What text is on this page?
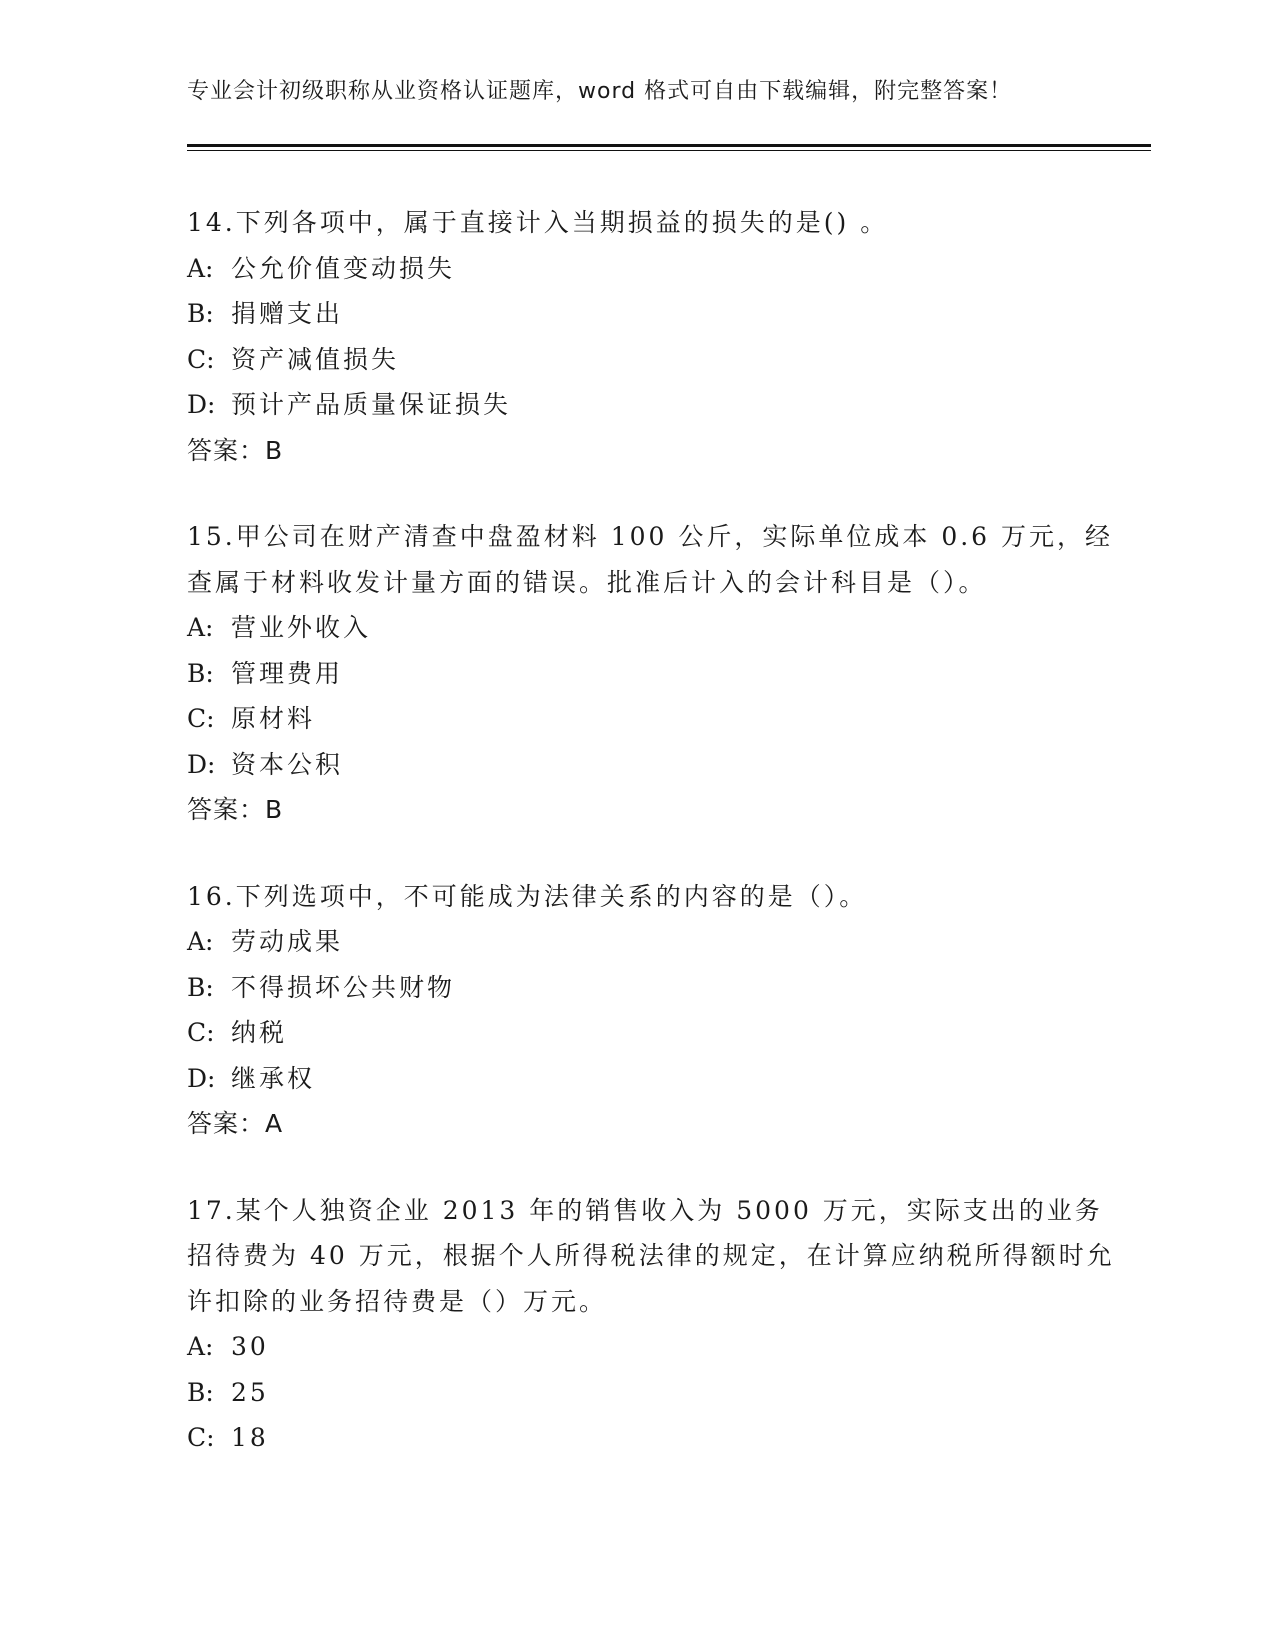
专业会计初级职称从业资格认证题库，word 格式可自由下载编辑，附完整答案！
14.下列各项中，属于直接计入当期损益的损失的是() 。
A: 公允价值变动损失
B: 捐赠支出
C: 资产减值损失
D: 预计产品质量保证损失
答案：B
15.甲公司在财产清查中盘盈材料 100 公斤，实际单位成本 0.6 万元，经查属于材料收发计量方面的错误。批准后计入的会计科目是（）。
A: 营业外收入
B: 管理费用
C: 原材料
D: 资本公积
答案：B
16.下列选项中，不可能成为法律关系的内容的是（）。
A: 劳动成果
B: 不得损坏公共财物
C: 纳税
D: 继承权
答案：A
17.某个人独资企业 2013 年的销售收入为 5000 万元，实际支出的业务招待费为 40 万元，根据个人所得税法律的规定，在计算应纳税所得额时允许扣除的业务招待费是（）万元。
A: 30
B: 25
C: 18
